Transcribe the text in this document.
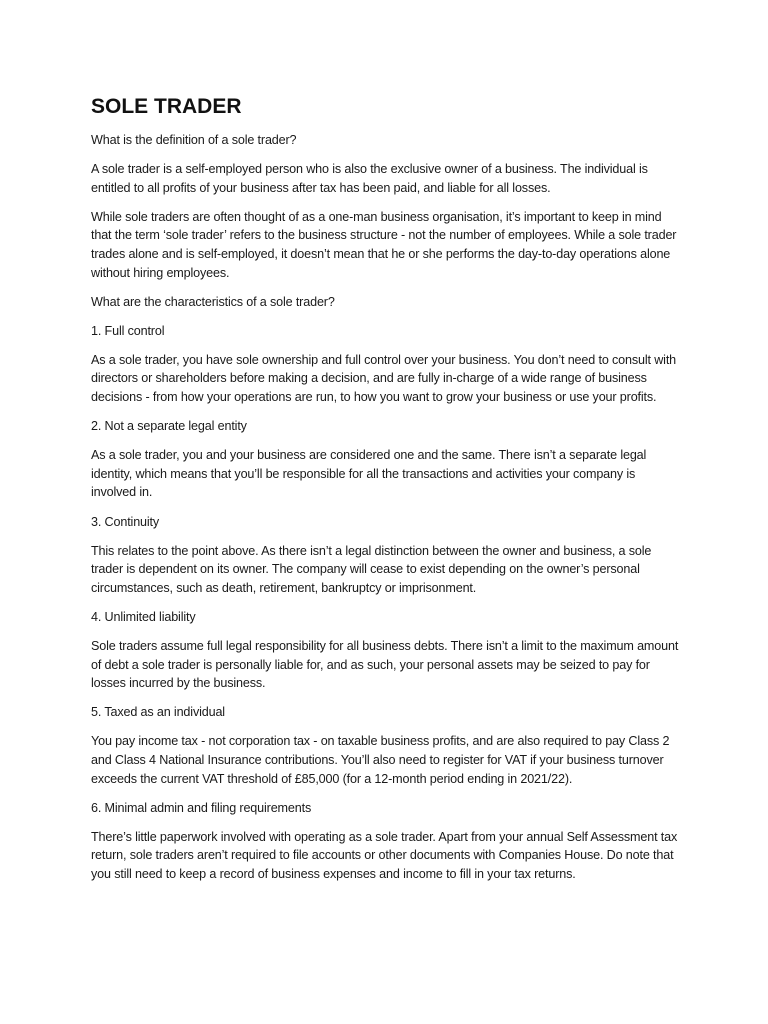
SOLE TRADER

What is the definition of a sole trader?

A sole trader is a self-employed person who is also the exclusive owner of a business. The individual is entitled to all profits of your business after tax has been paid, and liable for all losses.

While sole traders are often thought of as a one-man business organisation, it’s important to keep in mind that the term ‘sole trader’ refers to the business structure - not the number of employees. While a sole trader trades alone and is self-employed, it doesn’t mean that he or she performs the day-to-day operations alone without hiring employees.

What are the characteristics of a sole trader?

1. Full control

As a sole trader, you have sole ownership and full control over your business. You don’t need to consult with directors or shareholders before making a decision, and are fully in-charge of a wide range of business decisions - from how your operations are run, to how you want to grow your business or use your profits.

2. Not a separate legal entity

As a sole trader, you and your business are considered one and the same. There isn’t a separate legal identity, which means that you’ll be responsible for all the transactions and activities your company is involved in.

3. Continuity

This relates to the point above. As there isn’t a legal distinction between the owner and business, a sole trader is dependent on its owner. The company will cease to exist depending on the owner’s personal circumstances, such as death, retirement, bankruptcy or imprisonment.

4. Unlimited liability

Sole traders assume full legal responsibility for all business debts. There isn’t a limit to the maximum amount of debt a sole trader is personally liable for, and as such, your personal assets may be seized to pay for losses incurred by the business.

5. Taxed as an individual

You pay income tax - not corporation tax - on taxable business profits, and are also required to pay Class 2 and Class 4 National Insurance contributions. You’ll also need to register for VAT if your business turnover exceeds the current VAT threshold of £85,000 (for a 12-month period ending in 2021/22).

6. Minimal admin and filing requirements

There’s little paperwork involved with operating as a sole trader. Apart from your annual Self Assessment tax return, sole traders aren’t required to file accounts or other documents with Companies House. Do note that you still need to keep a record of business expenses and income to fill in your tax returns.
